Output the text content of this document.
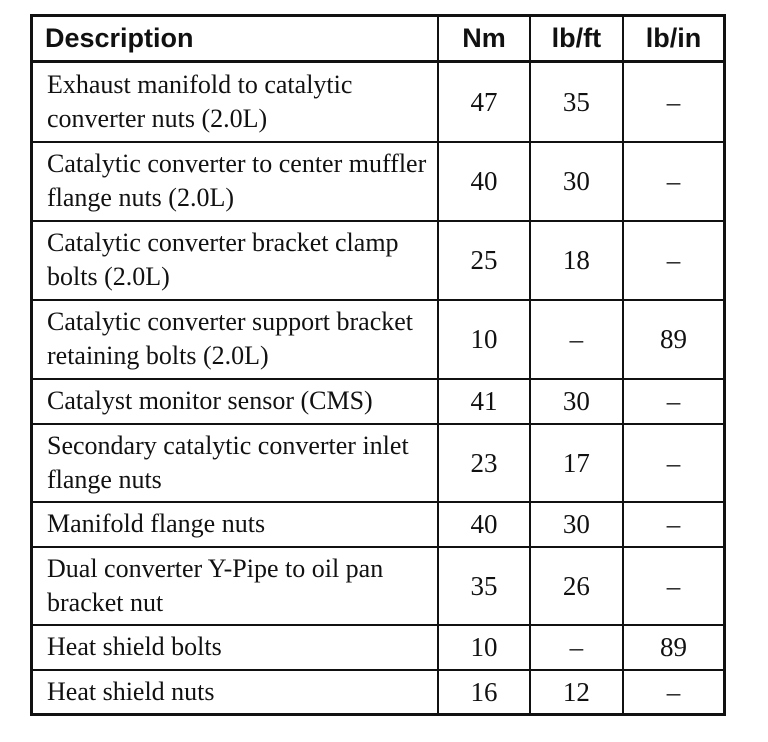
Description	Nm	lb/ft	lb/in
Exhaust manifold to catalytic converter nuts (2.0L)	47	35	–
Catalytic converter to center muffler flange nuts (2.0L)	40	30	–
Catalytic converter bracket clamp bolts (2.0L)	25	18	–
Catalytic converter support bracket retaining bolts (2.0L)	10	–	89
Catalyst monitor sensor (CMS)	41	30	–
Secondary catalytic converter inlet flange nuts	23	17	–
Manifold flange nuts	40	30	–
Dual converter Y-Pipe to oil pan bracket nut	35	26	–
Heat shield bolts	10	–	89
Heat shield nuts	16	12	–
